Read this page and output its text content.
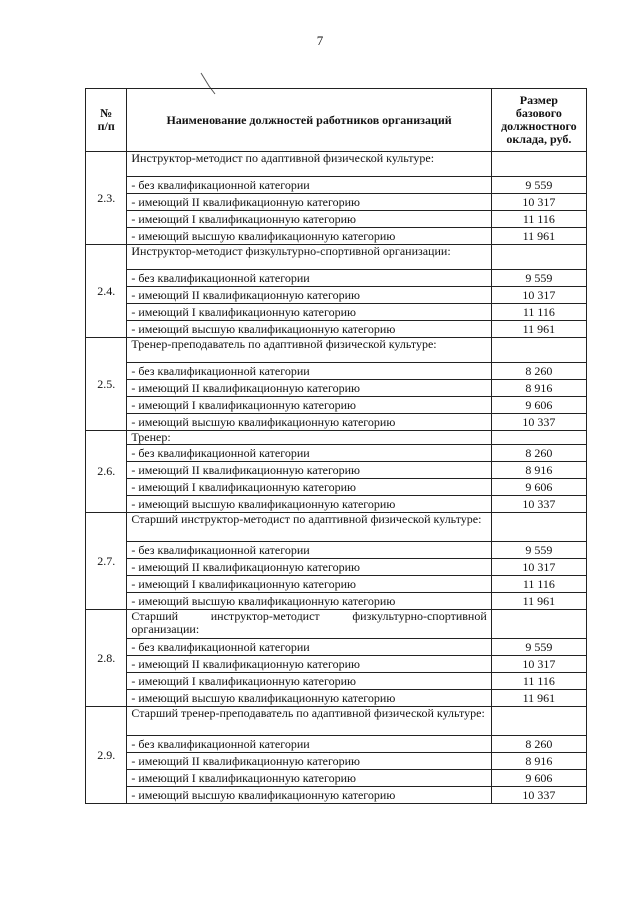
7
№
п/п	Наименование должностей работников организаций	Размер базового должностного оклада, руб.
2.3.	Инструктор-методист по адаптивной физической культуре:	
	- без квалификационной категории	9 559
	- имеющий II квалификационную категорию	10 317
	- имеющий I квалификационную категорию	11 116
	- имеющий высшую квалификационную категорию	11 961
2.4.	Инструктор-методист физкультурно-спортивной организации:	
	- без квалификационной категории	9 559
	- имеющий II квалификационную категорию	10 317
	- имеющий I квалификационную категорию	11 116
	- имеющий высшую квалификационную категорию	11 961
2.5.	Тренер-преподаватель по адаптивной физической культуре:	
	- без квалификационной категории	8 260
	- имеющий II квалификационную категорию	8 916
	- имеющий I квалификационную категорию	9 606
	- имеющий высшую квалификационную категорию	10 337
2.6.	Тренер:	
	- без квалификационной категории	8 260
	- имеющий II квалификационную категорию	8 916
	- имеющий I квалификационную категорию	9 606
	- имеющий высшую квалификационную категорию	10 337
2.7.	Старший инструктор-методист по адаптивной физической культуре:	
	- без квалификационной категории	9 559
	- имеющий II квалификационную категорию	10 317
	- имеющий I квалификационную категорию	11 116
	- имеющий высшую квалификационную категорию	11 961
2.8.	Старший инструктор-методист физкультурно-спортивной организации:	
	- без квалификационной категории	9 559
	- имеющий II квалификационную категорию	10 317
	- имеющий I квалификационную категорию	11 116
	- имеющий высшую квалификационную категорию	11 961
2.9.	Старший тренер-преподаватель по адаптивной физической культуре:	
	- без квалификационной категории	8 260
	- имеющий II квалификационную категорию	8 916
	- имеющий I квалификационную категорию	9 606
	- имеющий высшую квалификационную категорию	10 337
